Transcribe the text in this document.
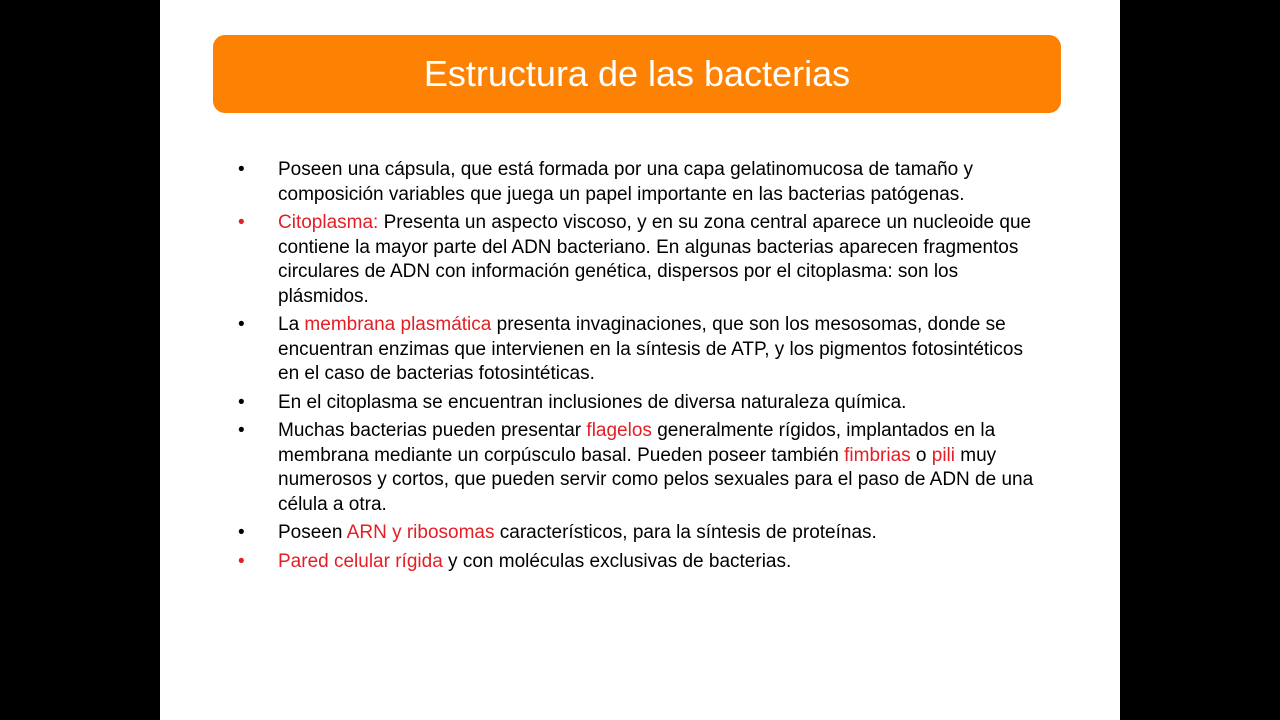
Estructura de las bacterias
• Poseen una cápsula, que está formada por una capa gelatinomucosa de tamaño y composición variables que juega un papel importante en las bacterias patógenas.
• Citoplasma: Presenta un aspecto viscoso, y en su zona central aparece un nucleoide que contiene la mayor parte del ADN bacteriano. En algunas bacterias aparecen fragmentos circulares de ADN con información genética, dispersos por el citoplasma: son los plásmidos.
• La membrana plasmática presenta invaginaciones, que son los mesosomas, donde se encuentran enzimas que intervienen en la síntesis de ATP, y los pigmentos fotosintéticos en el caso de bacterias fotosintéticas.
• En el citoplasma se encuentran inclusiones de diversa naturaleza química.
• Muchas bacterias pueden presentar flagelos generalmente rígidos, implantados en la membrana mediante un corpúsculo basal. Pueden poseer también fimbrias o pili muy numerosos y cortos, que pueden servir como pelos sexuales para el paso de ADN de una célula a otra.
• Poseen ARN y ribosomas característicos, para la síntesis de proteínas.
• Pared celular rígida y con moléculas exclusivas de bacterias.
